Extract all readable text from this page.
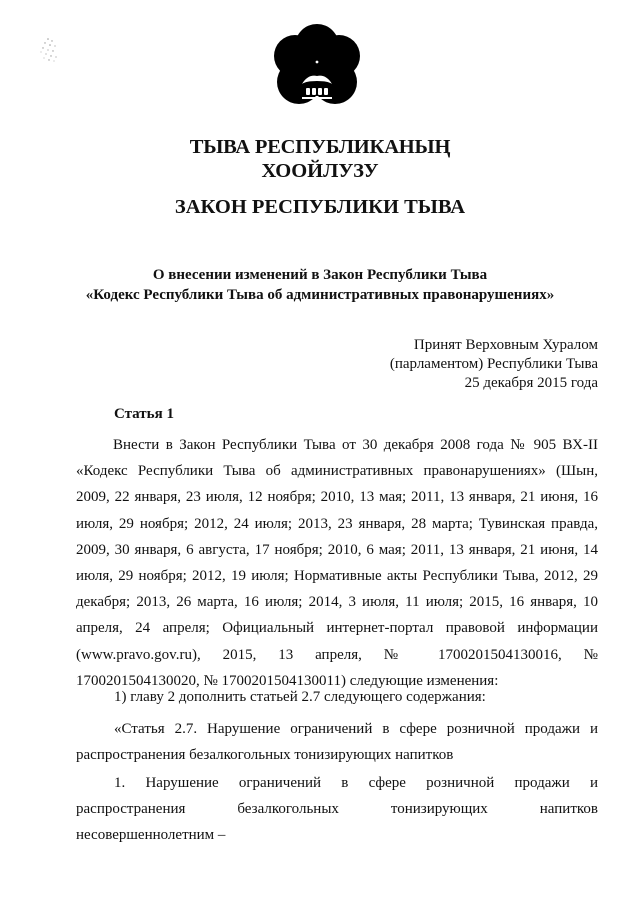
ТЫВА РЕСПУБЛИКАНЫҢ
ХООЙЛУЗУ
ЗАКОН РЕСПУБЛИКИ ТЫВА
О внесении изменений в Закон Республики Тыва
«Кодекс Республики Тыва об административных правонарушениях»
Принят Верховным Хуралом
(парламентом) Республики Тыва
25 декабря 2015 года
Статья 1
Внести в Закон Республики Тыва от 30 декабря 2008 года № 905 ВХ-II
«Кодекс Республики Тыва об административных правонарушениях» (Шын,
2009, 22 января, 23 июля, 12 ноября; 2010, 13 мая; 2011, 13 января, 21 июня, 16
июля, 29 ноября; 2012, 24 июля; 2013, 23 января, 28 марта; Тувинская правда,
2009, 30 января, 6 августа, 17 ноября; 2010, 6 мая; 2011, 13 января, 21 июня, 14
июля, 29 ноября; 2012, 19 июля; Нормативные акты Республики Тыва, 2012, 29
декабря; 2013, 26 марта, 16 июля; 2014, 3 июля, 11 июля; 2015, 16 января, 10
апреля, 24 апреля; Официальный интернет-портал правовой информации
(www.pravo.gov.ru), 2015, 13 апреля, № 1700201504130016, №
1700201504130020, № 1700201504130011) следующие изменения:
1) главу 2 дополнить статьей 2.7 следующего содержания:
«Статья 2.7. Нарушение ограничений в сфере розничной продажи и
распространения безалкогольных тонизирующих напитков
1. Нарушение ограничений в сфере розничной продажи и
распространения безалкогольных тонизирующих напитков
несовершеннолетним –
